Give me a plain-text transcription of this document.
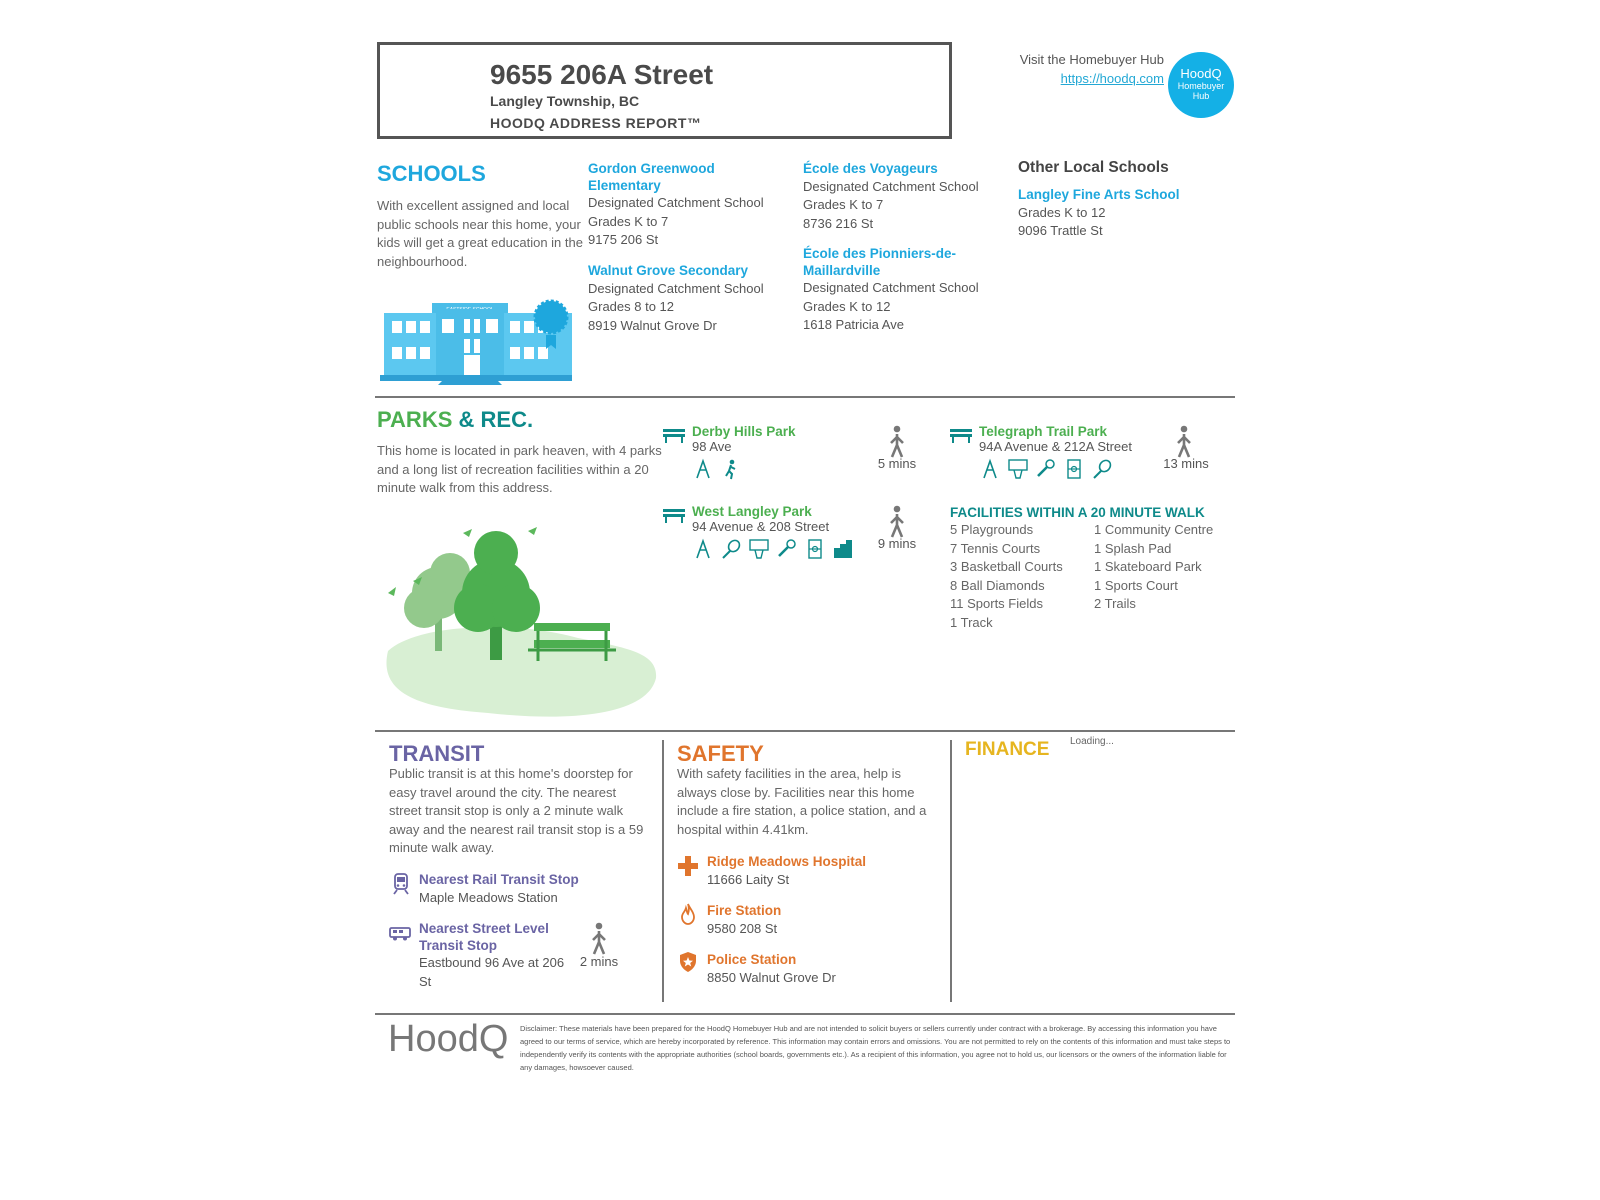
9655 206A Street
Langley Township, BC
HOODQ ADDRESS REPORT™
Visit the Homebuyer Hub
https://hoodq.com	HoodQ
Homebuyer
Hub
SCHOOLS
With excellent assigned and local public schools near this home, your kids will get a great education in the neighbourhood.
Gordon Greenwood Elementary
Designated Catchment School
Grades K to 7
9175 206 St
Walnut Grove Secondary
Designated Catchment School
Grades 8 to 12
8919 Walnut Grove Dr
École des Voyageurs
Designated Catchment School
Grades K to 7
8736 216 St
École des Pionniers-de-Maillardville
Designated Catchment School
Grades K to 12
1618 Patricia Ave
Other Local Schools
Langley Fine Arts School
Grades K to 12
9096 Trattle St
PARKS & REC.
This home is located in park heaven, with 4 parks and a long list of recreation facilities within a 20 minute walk from this address.
Derby Hills Park
98 Ave
5 mins
West Langley Park
94 Avenue & 208 Street
9 mins
Telegraph Trail Park
94A Avenue & 212A Street
13 mins
FACILITIES WITHIN A 20 MINUTE WALK
5 Playgrounds
7 Tennis Courts
3 Basketball Courts
8 Ball Diamonds
11 Sports Fields
1 Track
1 Community Centre
1 Splash Pad
1 Skateboard Park
1 Sports Court
2 Trails
TRANSIT
Public transit is at this home's doorstep for easy travel around the city. The nearest street transit stop is only a 2 minute walk away and the nearest rail transit stop is a 59 minute walk away.
Nearest Rail Transit Stop
Maple Meadows Station
Nearest Street Level Transit Stop
Eastbound 96 Ave at 206 St
2 mins
SAFETY
With safety facilities in the area, help is always close by. Facilities near this home include a fire station, a police station, and a hospital within 4.41km.
Ridge Meadows Hospital
11666 Laity St
Fire Station
9580 208 St
Police Station
8850 Walnut Grove Dr
FINANCE Loading...
HoodQ Disclaimer: These materials have been prepared for the HoodQ Homebuyer Hub and are not intended to solicit buyers or sellers currently under contract with a brokerage. By accessing this information you have agreed to our terms of service, which are hereby incorporated by reference. This information may contain errors and omissions. You are not permitted to rely on the contents of this information and must take steps to independently verify its contents with the appropriate authorities (school boards, governments etc.). As a recipient of this information, you agree not to hold us, our licensors or the owners of the information liable for any damages, howsoever caused.
